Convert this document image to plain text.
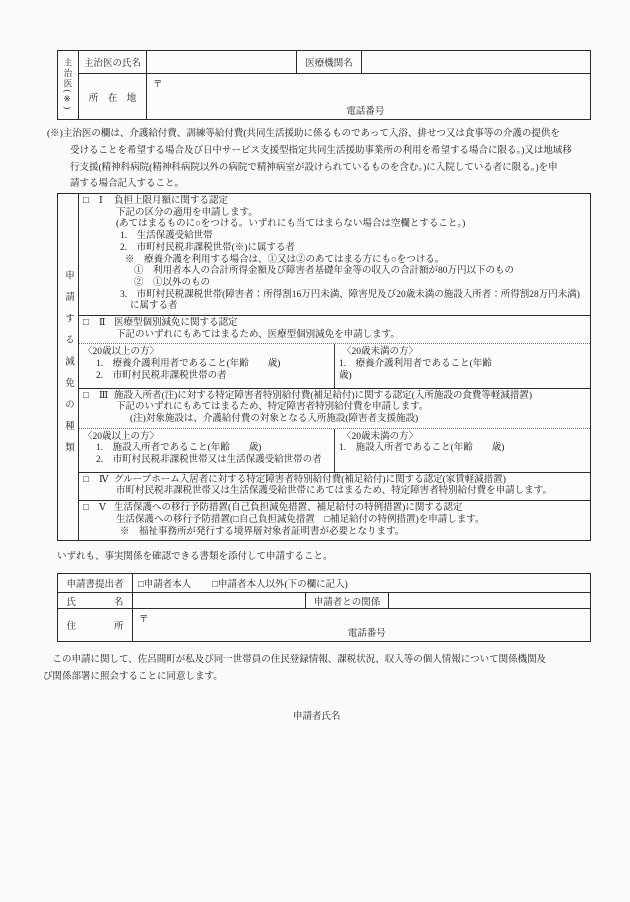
主治医(※)	主治医の氏名	医療機関名
所　在　地
〒
電話番号
(※)主治医の欄は、介護給付費、訓練等給付費(共同生活援助に係るものであって入浴、排せつ又は食事等の介護の提供を
受けることを希望する場合及び日中サービス支援型指定共同生活援助事業所の利用を希望する場合に限る。)又は地域移
行支援(精神科病院(精神科病院以外の病院で精神病室が設けられているものを含む。)に入院している者に限る。)を申
請する場合記入すること。
申請する減免の種類
□	Ⅰ	負担上限月額に関する認定
下記の区分の適用を申請します。
(あてはまるものに○をつける。いずれにも当てはまらない場合は空欄とすること。)
1.　生活保護受給世帯
2.　市町村民税非課税世帯(※)に属する者
※　療養介護を利用する場合は、①又は②のあてはまる方にも○をつける。
①　利用者本人の合計所得金額及び障害者基礎年金等の収入の合計額が80万円以下のもの
②　①以外のもの
3.　市町村民税課税世帯(障害者：所得割16万円未満、障害児及び20歳未満の施設入所者：所得割28万円未満)
に属する者
□	Ⅱ 医療型個別減免に関する認定
下記のいずれにもあてはまるため、医療型個別減免を申請します。
〈20歳以上の方〉
1.　療養介護利用者であること(年齢　　歳)
2.　市町村民税非課税世帯の者
〈20歳未満の方〉
1.　療養介護利用者であること(年齢
歳)
□	Ⅲ 施設入所者(注)に対する特定障害者特別給付費(補足給付)に関する認定(入所施設の食費等軽減措置)
下記のいずれにもあてはまるため、特定障害者特別給付費を申請します。
(注)対象施設は、介護給付費の対象となる入所施設(障害者支援施設)
〈20歳以上の方〉
1.　施設入所者であること(年齢　　歳)
2.　市町村民税非課税世帯又は生活保護受給世帯の者
〈20歳未満の方〉
1.　施設入所者であること(年齢　　歳)
□	Ⅳ グループホーム入居者に対する特定障害者特別給付費(補足給付)に関する認定(家賃軽減措置)
市町村民税非課税世帯又は生活保護受給世帯にあてはまるため、特定障害者特別給付費を申請します。
□	Ⅴ 生活保護への移行予防措置(自己負担減免措置、補足給付の特例措置)に関する認定
生活保護への移行予防措置(□自己負担減免措置　□補足給付の特例措置)を申請します。
※　福祉事務所が発行する境界層対象者証明書が必要となります。
いずれも、事実関係を確認できる書類を添付して申請すること。
申請書提出者	□申請者本人 □申請者本人以外(下の欄に記入)
氏　　　　名	申請者との関係
住　　　　所
〒
電話番号
　この申請に関して、佐呂間町が私及び同一世帯員の住民登録情報、課税状況、収入等の個人情報について関係機関及
び関係部署に照会することに同意します。
申請者氏名
